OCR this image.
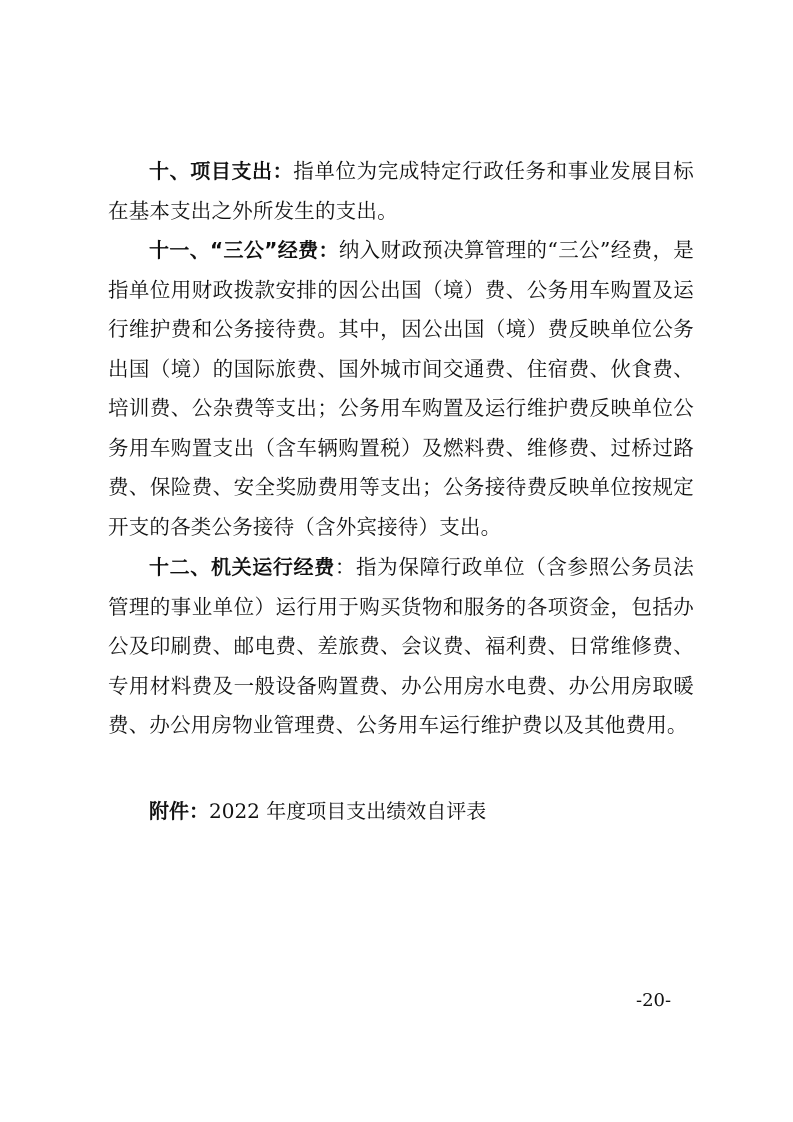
十、项目支出：指单位为完成特定行政任务和事业发展目标在基本支出之外所发生的支出。

十一、“三公”经费：纳入财政预决算管理的“三公”经费，是指单位用财政拨款安排的因公出国（境）费、公务用车购置及运行维护费和公务接待费。其中，因公出国（境）费反映单位公务出国（境）的国际旅费、国外城市间交通费、住宿费、伙食费、培训费、公杂费等支出；公务用车购置及运行维护费反映单位公务用车购置支出（含车辆购置税）及燃料费、维修费、过桥过路费、保险费、安全奖励费用等支出；公务接待费反映单位按规定开支的各类公务接待（含外宾接待）支出。

十二、机关运行经费：指为保障行政单位（含参照公务员法管理的事业单位）运行用于购买货物和服务的各项资金，包括办公及印刷费、邮电费、差旅费、会议费、福利费、日常维修费、专用材料费及一般设备购置费、办公用房水电费、办公用房取暖费、办公用房物业管理费、公务用车运行维护费以及其他费用。

附件：2022 年度项目支出绩效自评表

-20-
